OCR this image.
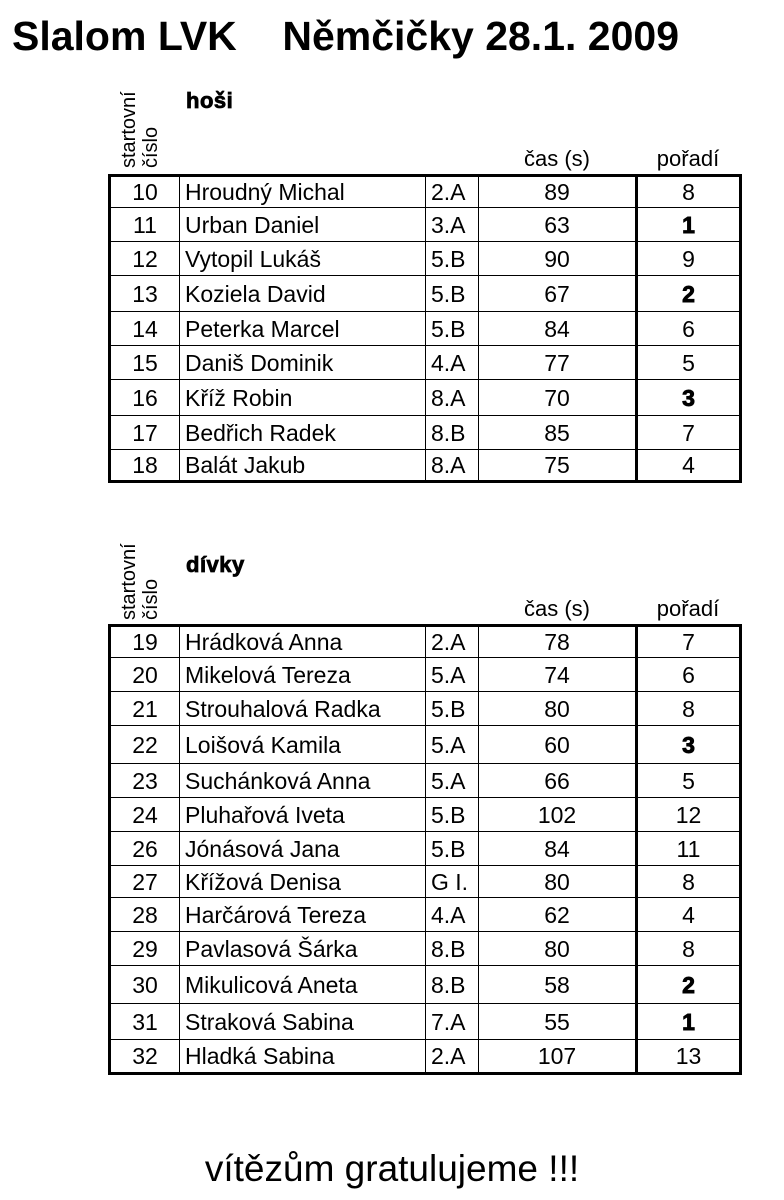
Slalom LVK    Němčičky 28.1. 2009
startovní číslo
hoši
čas (s)	pořadí
10	Hroudný Michal	2.A	89	8
11	Urban Daniel	3.A	63	1
12	Vytopil Lukáš	5.B	90	9
13	Koziela David	5.B	67	2
14	Peterka Marcel	5.B	84	6
15	Daniš Dominik	4.A	77	5
16	Kříž Robin	8.A	70	3
17	Bedřich Radek	8.B	85	7
18	Balát Jakub	8.A	75	4
startovní číslo
dívky
čas (s)	pořadí
19	Hrádková Anna	2.A	78	7
20	Mikelová Tereza	5.A	74	6
21	Strouhalová Radka	5.B	80	8
22	Loišová Kamila	5.A	60	3
23	Suchánková Anna	5.A	66	5
24	Pluhařová Iveta	5.B	102	12
26	Jónásová Jana	5.B	84	11
27	Křížová Denisa	G I.	80	8
28	Harčárová Tereza	4.A	62	4
29	Pavlasová Šárka	8.B	80	8
30	Mikulicová Aneta	8.B	58	2
31	Straková Sabina	7.A	55	1
32	Hladká Sabina	2.A	107	13
vítězům gratulujeme !!!
